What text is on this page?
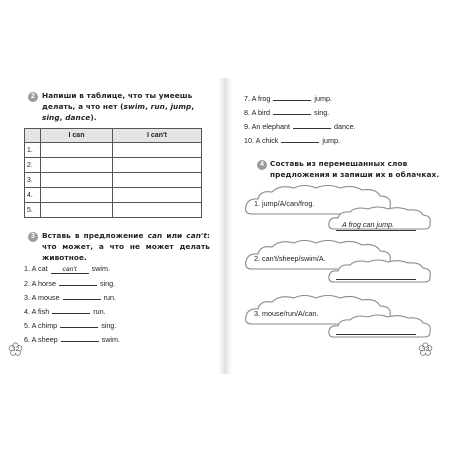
2 Напиши в таблице, что ты умеешь делать, а что нет (swim, run, jump, sing, dance).
	I can	I can't
1.		
2.		
3.		
4.		
5.		
3 Вставь в предложение can или can't: что может, а что не может делать животное.
1. A cat can't swim.
2. A horse	sing.
3. A mouse	run.
4. A fish	run.
5. A chimp	sing.
6. A sheep	swim.
32
7. A frog	jump.
8. A bird	sing.
9. An elephant	dance.
10. A chick	jump.
4 Составь из перемешанных слов предложения и запиши их в облачках.
1. jump/A/can/frog.
A frog can jump.
2. can't/sheep/swim/A.
3. mouse/run/A/can.
33
